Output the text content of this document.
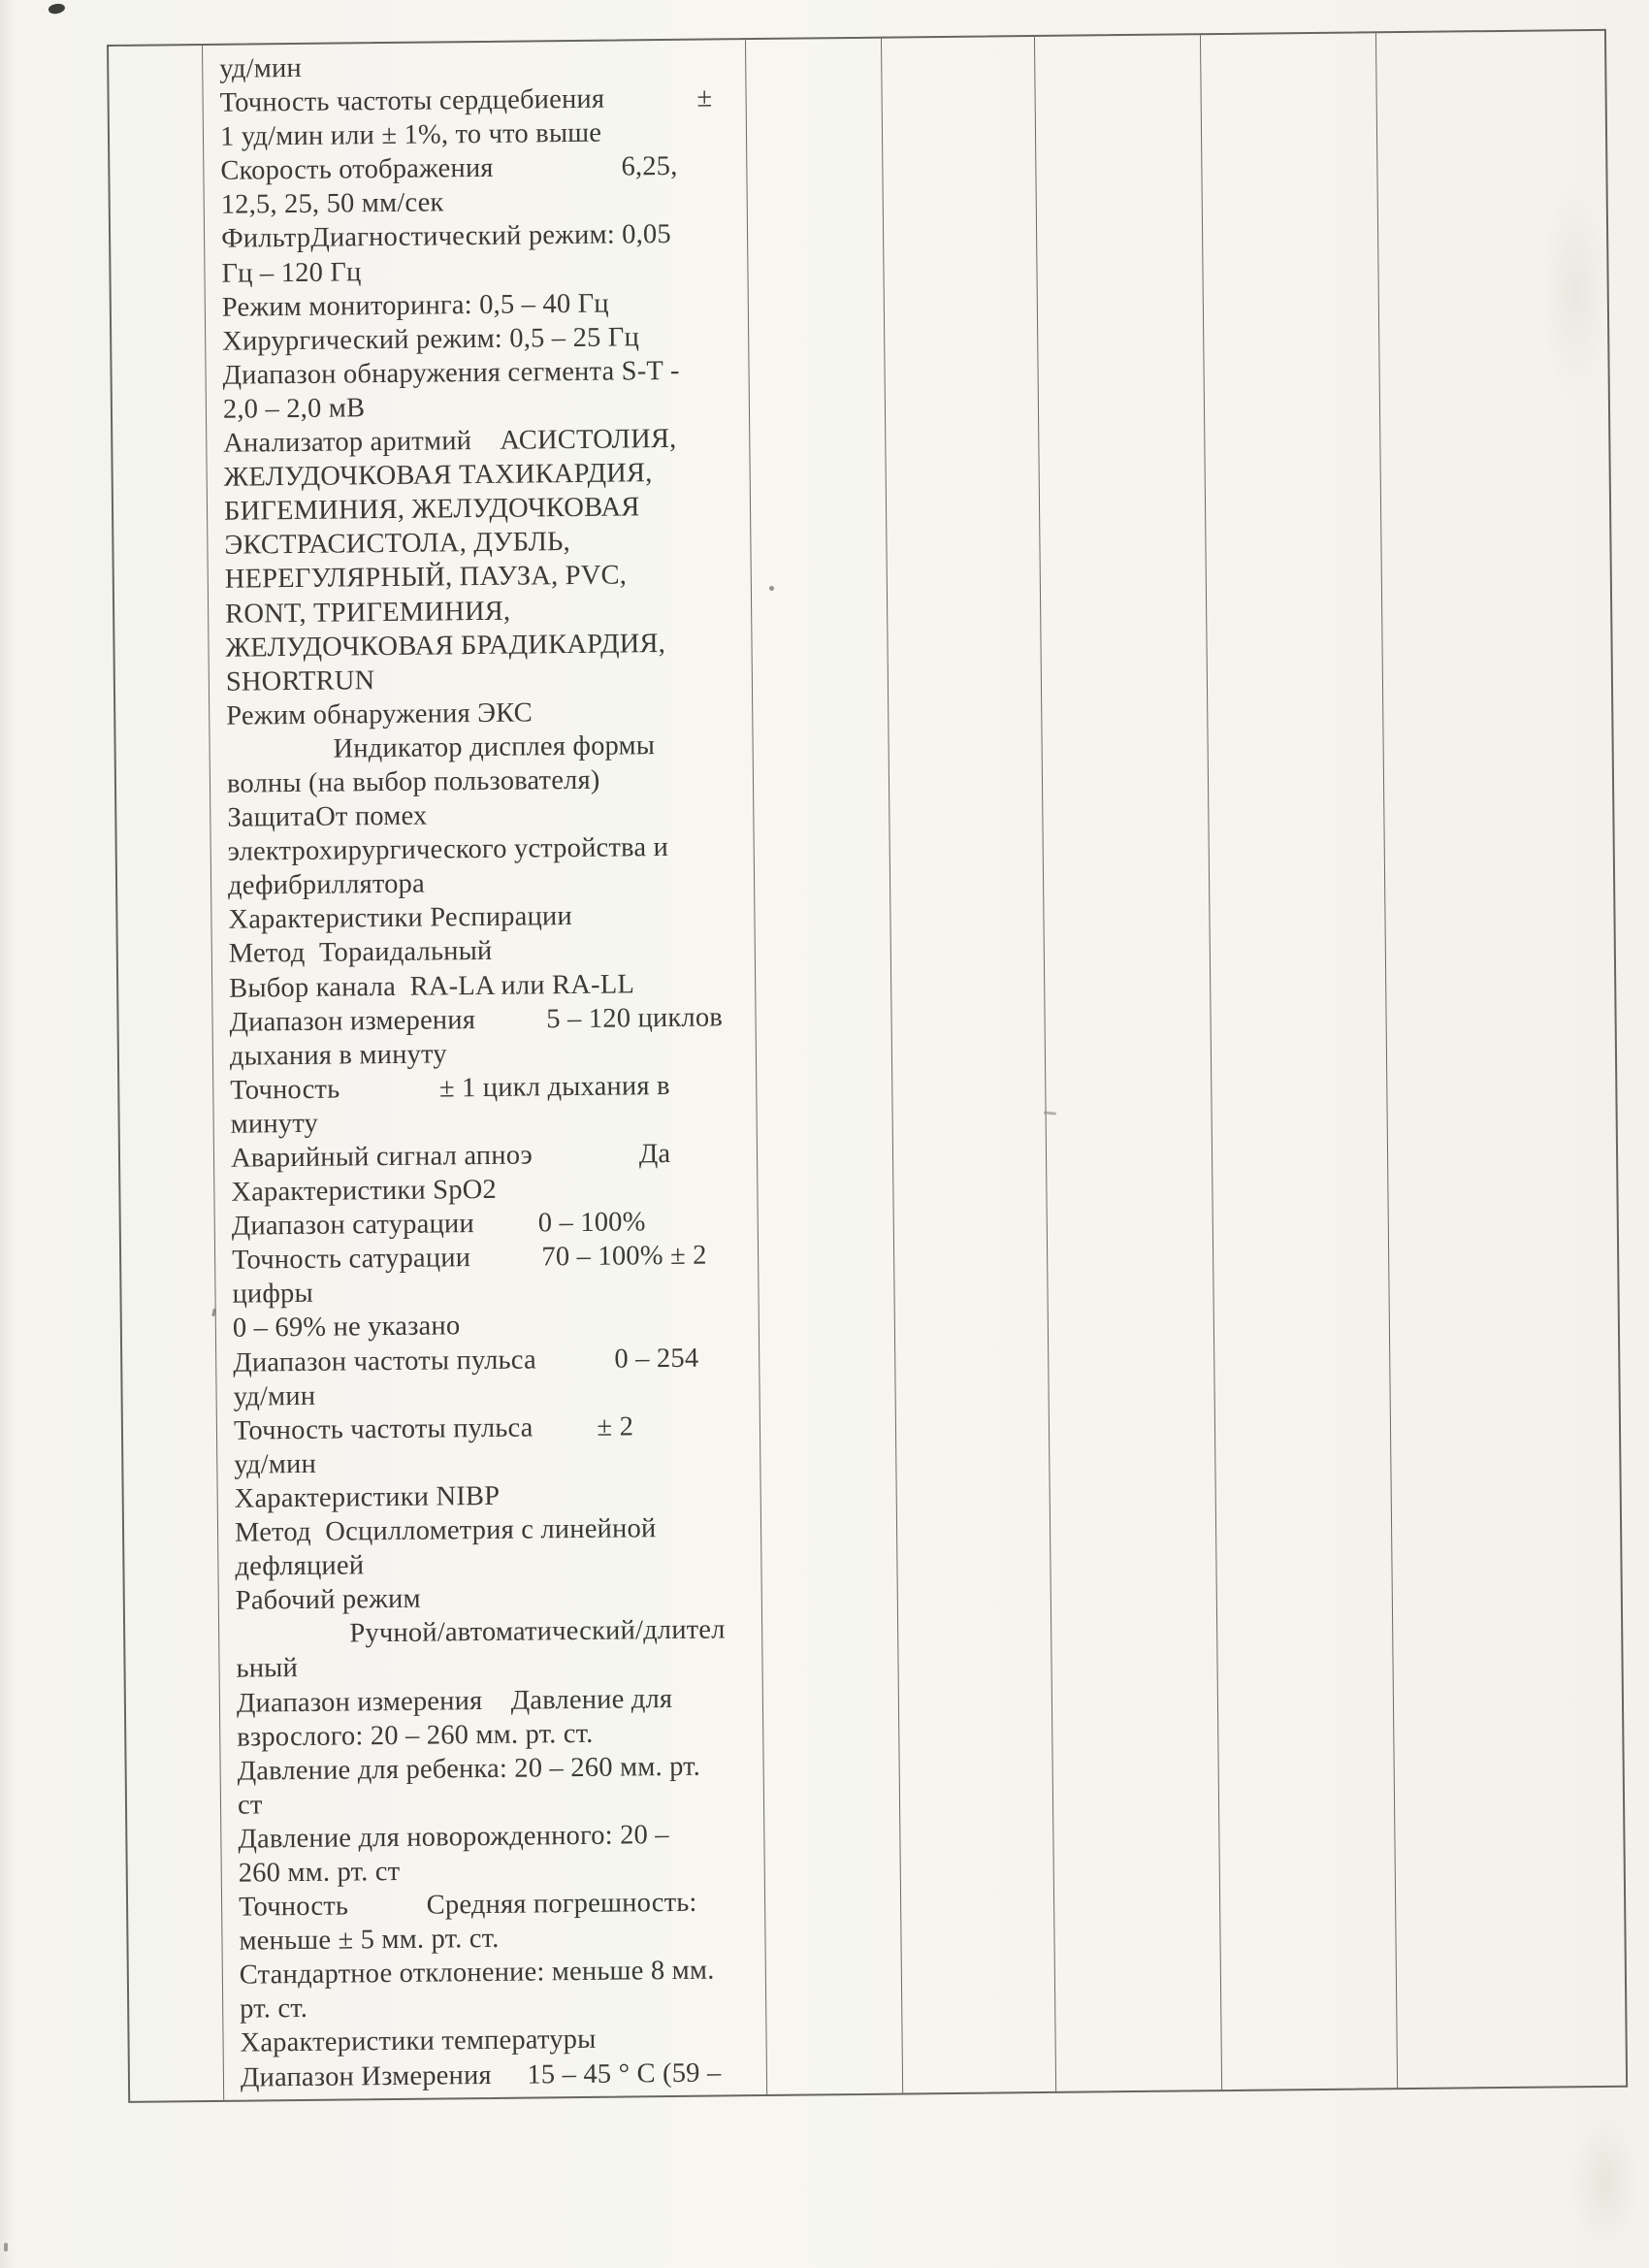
уд/мин
Точность частоты сердцебиения             ±
1 уд/мин или ± 1%, то что выше
Скорость отображения                  6,25,
12,5, 25, 50 мм/сек
ФильтрДиагностический режим: 0,05
Гц – 120 Гц
Режим мониторинга: 0,5 – 40 Гц
Хирургический режим: 0,5 – 25 Гц
Диапазон обнаружения сегмента S-T -
2,0 – 2,0 мВ
Анализатор аритмий    АСИСТОЛИЯ,
ЖЕЛУДОЧКОВАЯ ТАХИКАРДИЯ,
БИГЕМИНИЯ, ЖЕЛУДОЧКОВАЯ
ЭКСТРАСИСТОЛА, ДУБЛЬ,
НЕРЕГУЛЯРНЫЙ, ПАУЗА, PVC,
RONT, ТРИГЕМИНИЯ,
ЖЕЛУДОЧКОВАЯ БРАДИКАРДИЯ,
SHORTRUN
Режим обнаружения ЭКС
Индикатор дисплея формы
волны (на выбор пользователя)
ЗащитаОт помех
электрохирургического устройства и
дефибриллятора
Характеристики Респирации
Метод  Тораидальный
Выбор канала  RA-LA или RA-LL
Диапазон измерения          5 – 120 циклов
дыхания в минуту
Точность              ± 1 цикл дыхания в
минуту
Аварийный сигнал апноэ               Да
Характеристики SpO2
Диапазон сатурации         0 – 100%
Точность сатурации          70 – 100% ± 2
цифры
0 – 69% не указано
Диапазон частоты пульса           0 – 254
уд/мин
Точность частоты пульса         ± 2
уд/мин
Характеристики NIBP
Метод  Осциллометрия с линейной
дефляцией
Рабочий режим
Ручной/автоматический/длител
ьный
Диапазон измерения    Давление для
взрослого: 20 – 260 мм. рт. ст.
Давление для ребенка: 20 – 260 мм. рт.
ст
Давление для новорожденного: 20 –
260 мм. рт. ст
Точность           Средняя погрешность:
меньше ± 5 мм. рт. ст.
Стандартное отклонение: меньше 8 мм.
рт. ст.
Характеристики температуры
Диапазон Измерения     15 – 45 ° С (59 –
